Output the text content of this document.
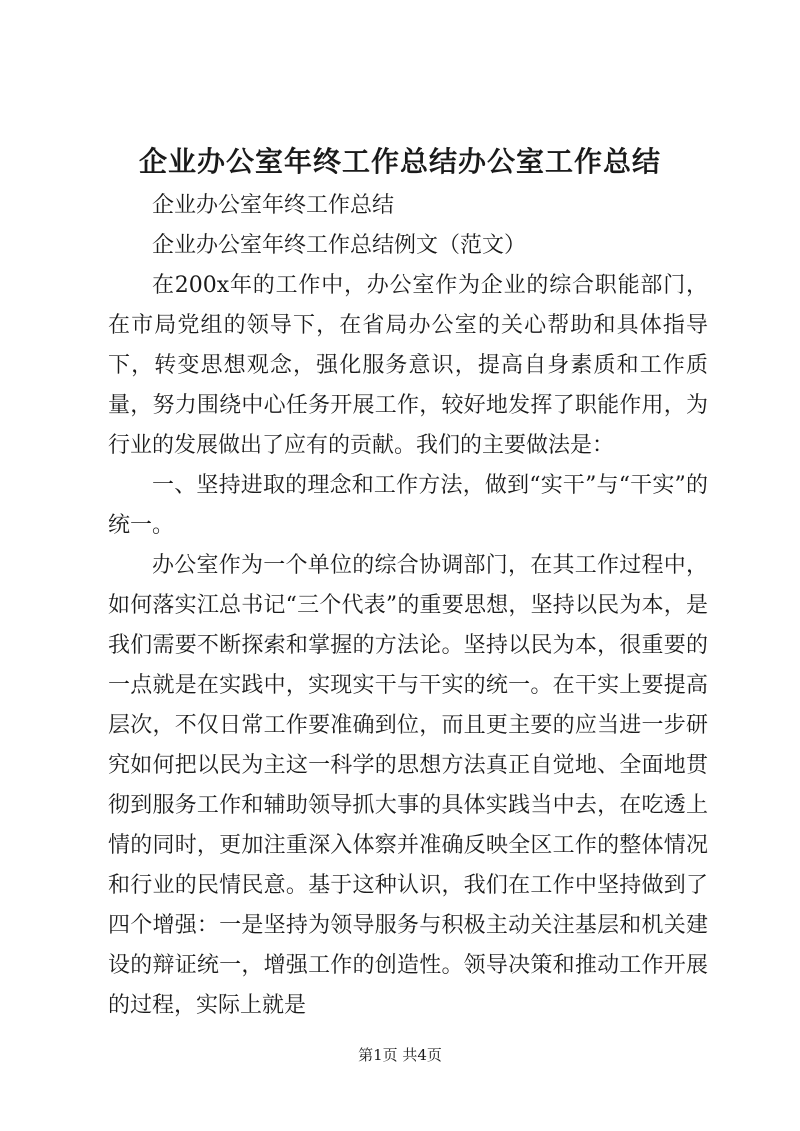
企业办公室年终工作总结办公室工作总结

企业办公室年终工作总结

企业办公室年终工作总结例文（范文）

在200x年的工作中，办公室作为企业的综合职能部门，在市局党组的领导下，在省局办公室的关心帮助和具体指导下，转变思想观念，强化服务意识，提高自身素质和工作质量，努力围绕中心任务开展工作，较好地发挥了职能作用，为行业的发展做出了应有的贡献。我们的主要做法是：

一、坚持进取的理念和工作方法，做到“实干”与“干实”的统一。

办公室作为一个单位的综合协调部门，在其工作过程中，如何落实江总书记“三个代表”的重要思想，坚持以民为本，是我们需要不断探索和掌握的方法论。坚持以民为本，很重要的一点就是在实践中，实现实干与干实的统一。在干实上要提高层次，不仅日常工作要准确到位，而且更主要的应当进一步研究如何把以民为主这一科学的思想方法真正自觉地、全面地贯彻到服务工作和辅助领导抓大事的具体实践当中去，在吃透上情的同时，更加注重深入体察并准确反映全区工作的整体情况和行业的民情民意。基于这种认识，我们在工作中坚持做到了四个增强：一是坚持为领导服务与积极主动关注基层和机关建设的辩证统一，增强工作的创造性。领导决策和推动工作开展的过程，实际上就是

第1页 共4页
